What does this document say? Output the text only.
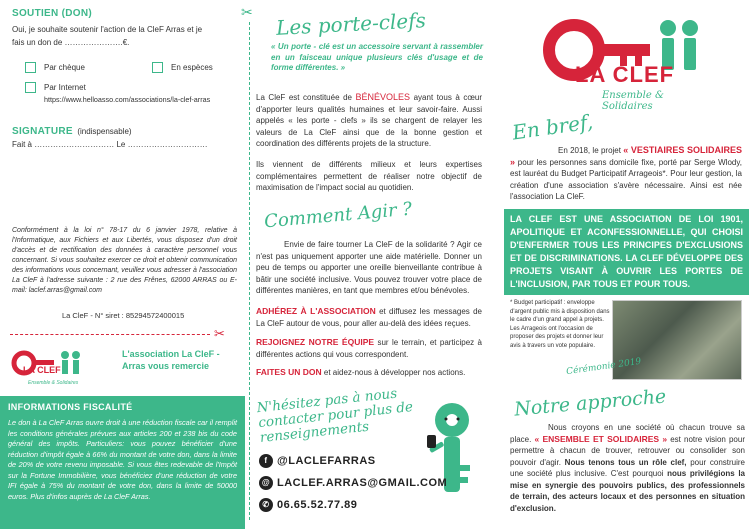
SOUTIEN (DON)
Oui, je souhaite soutenir l'action de la CleF Arras et je
fais un don de ………………….€.
Par chèque	En espèces
Par Internet
https://www.helloasso.com/associations/la-clef-arras
SIGNATURE (indispensable)
Fait à ………………………… Le …………………………
Conformément à la loi n° 78-17 du 6 janvier 1978, relative à l'Informatique, aux Fichiers et aux Libertés, vous disposez d'un droit d'accès et de rectification des données à caractère personnel vous concernant. Si vous souhaitez exercer ce droit et obtenir communication des informations vous concernant, veuillez vous adresser à l'association La CleF à l'adresse suivante : 2 rue des Frênes, 62000 ARRAS ou E-mail: laclef.arras@gmail.com
La CleF - N° siret : 85294572400015
✂
LA CLEF
Ensemble & Solidaires
L'association La CleF - Arras vous remercie
INFORMATIONS FISCALITÉ
Le don à La CleF Arras ouvre droit à une réduction fiscale car il remplit les conditions générales prévues aux articles 200 et 238 bis du code général des impôts. Particuliers: vous pouvez bénéficier d'une réduction d'impôt égale à 66% du montant de votre don, dans la limite de 20% de votre revenu imposable. Si vous êtes redevable de l'Impôt sur la Fortune Immobilière, vous bénéficiez d'une réduction de votre IFI égale à 75% du montant de votre don, dans la limite de 50000 euros. Plus d'infos auprès de La CleF Arras.
✂ Les porte-clefs
« Un porte - clé est un accessoire servant à rassembler en un faisceau unique plusieurs clés d'usage et de forme différentes. »
La CleF est constituée de BÉNÉVOLES ayant tous à cœur d'apporter leurs qualités humaines et leur savoir-faire. Aussi appelés « les porte - clefs » ils se chargent de relayer les valeurs de La CleF ainsi que de la bonne gestion et coordination des différents projets de la structure.
Ils viennent de différents milieux et leurs expertises complémentaires permettent de réaliser notre objectif de maximisation de l'impact social au quotidien.
Comment Agir ?
Envie de faire tourner La CleF de la solidarité ? Agir ce n'est pas uniquement apporter une aide matérielle. Donner un peu de temps ou apporter une oreille bienveillante contribue à bâtir une société inclusive. Vous pouvez trouver votre place de différentes manières, en tant que membres et/ou bénévoles.
ADHÉREZ À L'ASSOCIATION et diffusez les messages de La CleF autour de vous, pour aller au-delà des idées reçues.
REJOIGNEZ NOTRE ÉQUIPE sur le terrain, et participez à différentes actions qui vous correspondent.
FAITES UN DON et aidez-nous à développer nos actions.
N'hésitez pas à nous contacter pour plus de renseignements
f @LACLEFARRAS
@ LACLEF.ARRAS@GMAIL.COM
✆ 06.65.52.77.89
LA CLEF
Ensemble & Solidaires
En bref,
En 2018, le projet « VESTIAIRES SOLIDAIRES » pour les personnes sans domicile fixe, porté par Serge Wlody, est lauréat du Budget Participatif Arrageois*. Pour leur gestion, la création d'une association s'avère nécessaire. Ainsi est née l'association La CleF.
LA CLEF EST UNE ASSOCIATION DE LOI 1901, APOLITIQUE ET ACONFESSIONNELLE, QUI CHOISI D'ENFERMER TOUS LES PRINCIPES D'EXCLUSIONS ET DE DISCRIMINATIONS. LA CLEF DÉVELOPPE DES PROJETS VISANT À OUVRIR LES PORTES DE L'INCLUSION, PAR TOUS ET POUR TOUS.
* Budget participatif : enveloppe d'argent public mis à disposition dans le cadre d'un grand appel à projets. Les Arrageois ont l'occasion de proposer des projets et donner leur avis à travers un vote populaire.
Cérémonie 2019
Notre approche
Nous croyons en une société où chacun trouve sa place. « ENSEMBLE ET SOLIDAIRES » est notre vision pour permettre à chacun de trouver, retrouver ou consolider son pouvoir d'agir. Nous tenons tous un rôle clef, pour construire une société plus inclusive. C'est pourquoi nous privilégions la mise en synergie des pouvoirs publics, des professionnels de terrain, des acteurs locaux et des personnes en situation d'exclusion.
